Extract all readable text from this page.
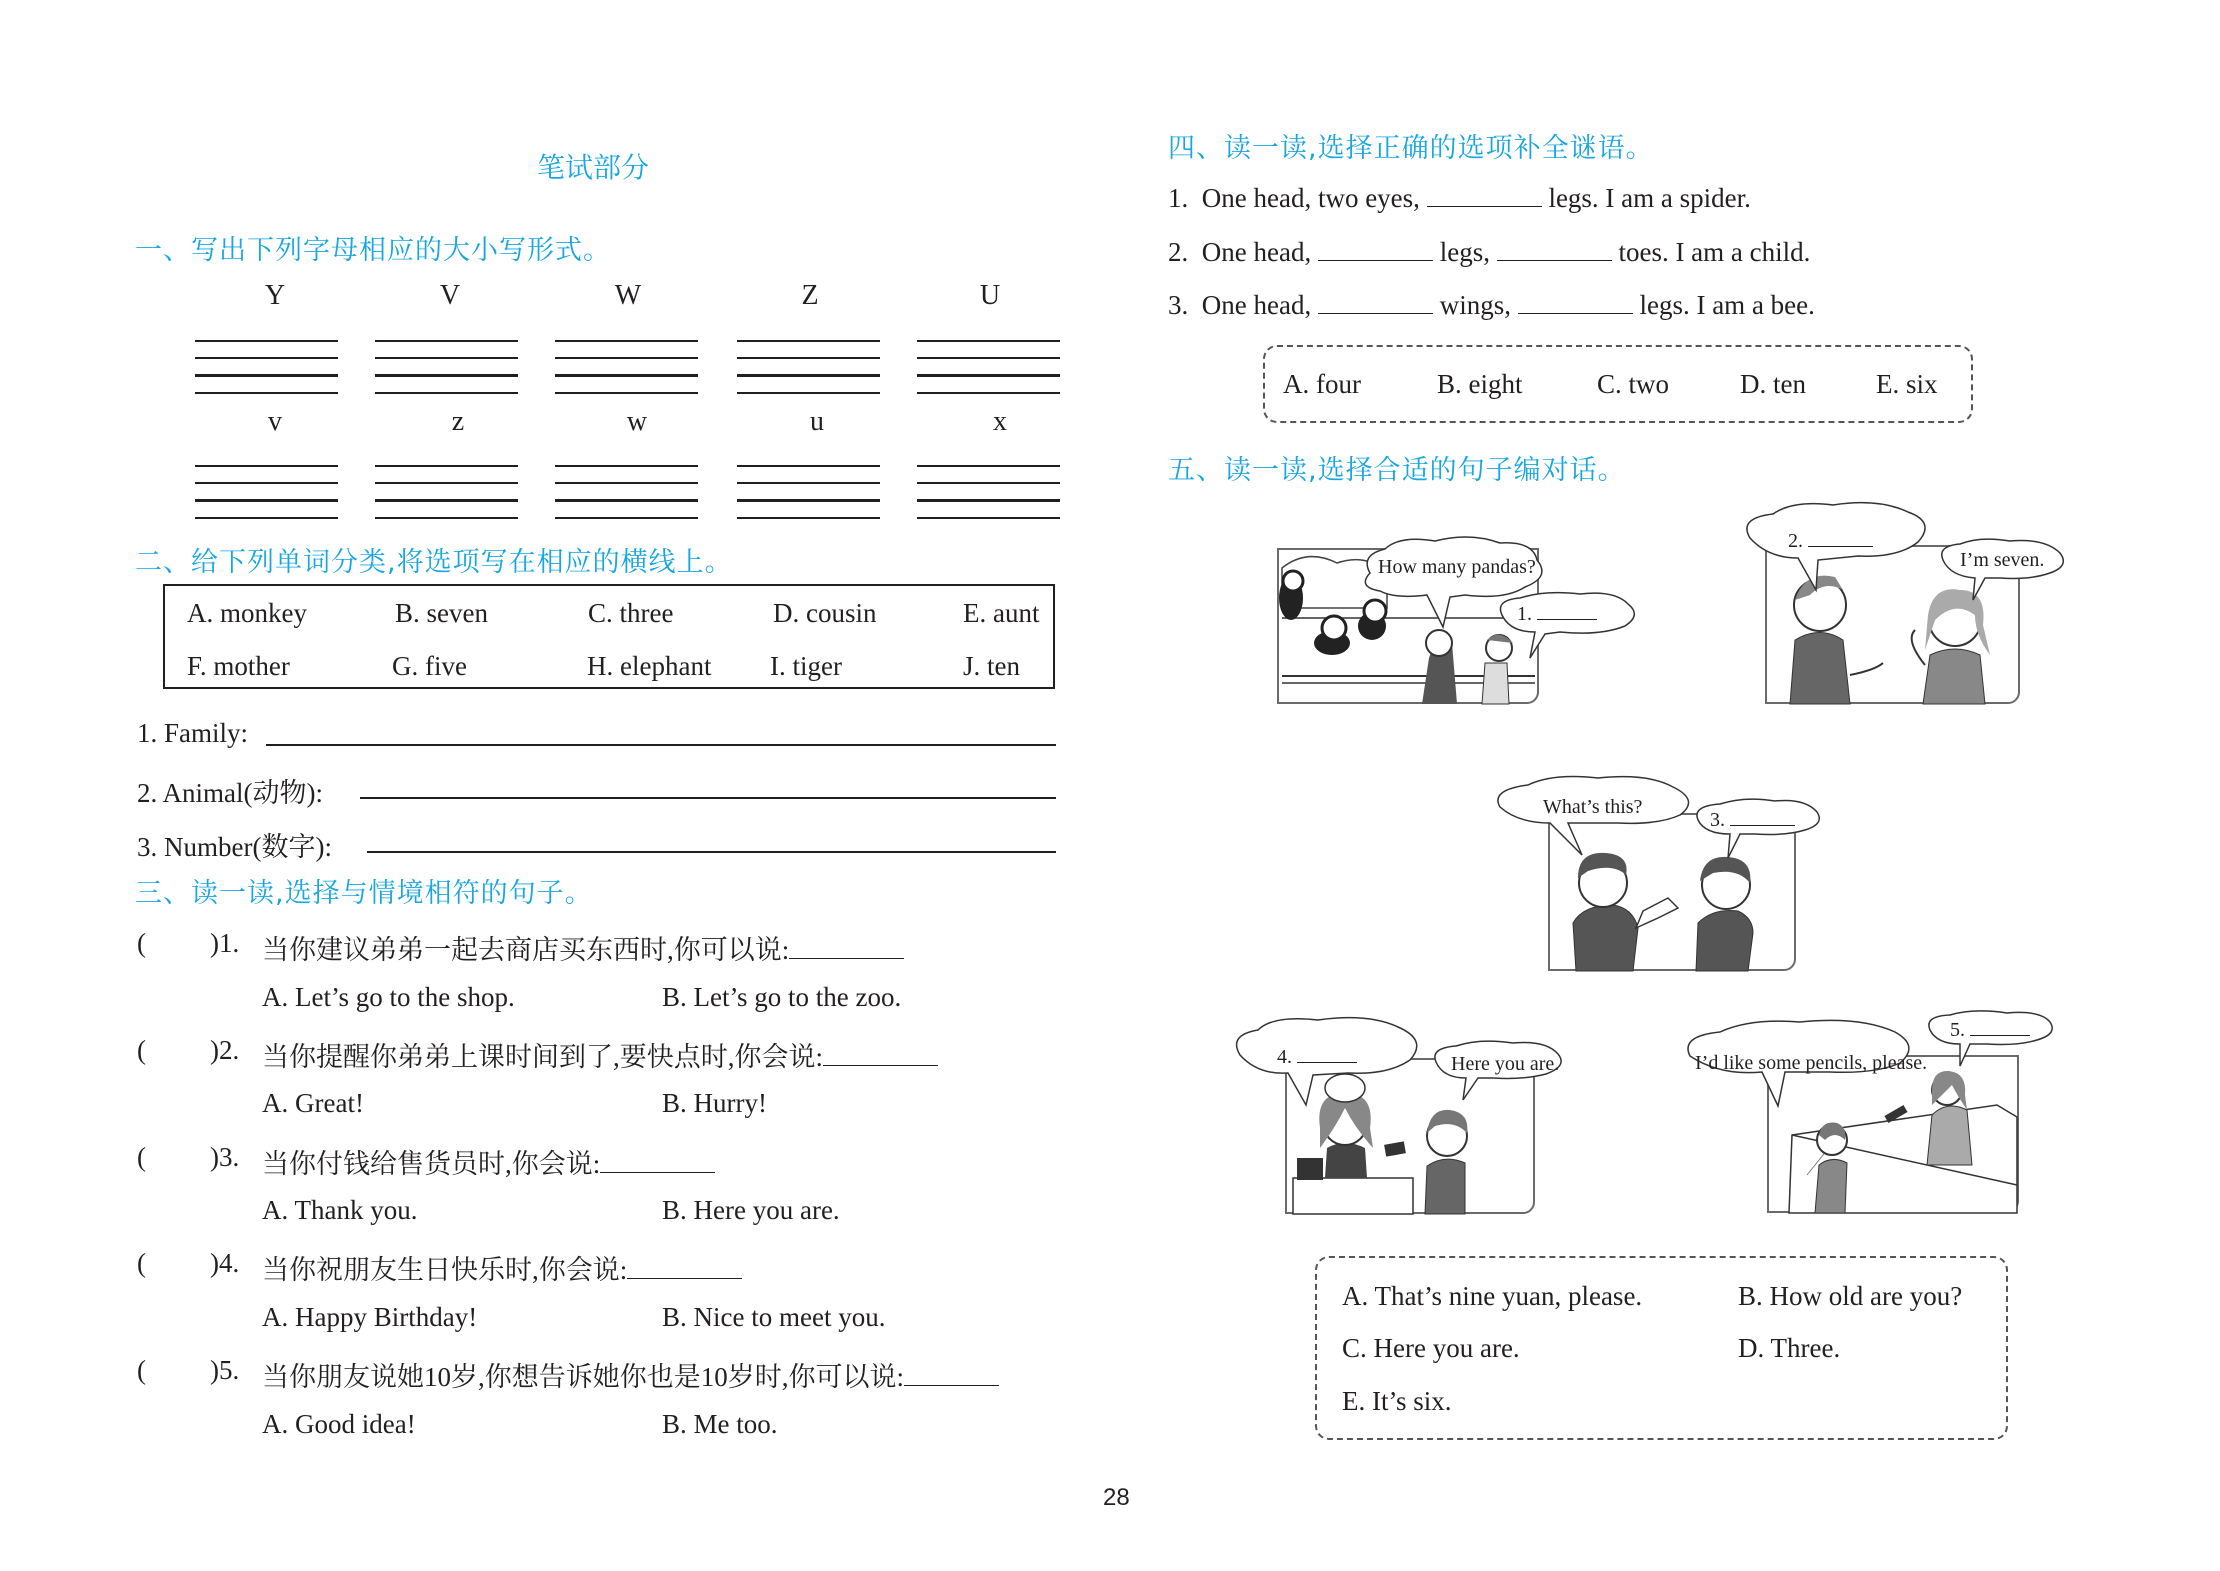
笔试部分
一、写出下列字母相应的大小写形式。
Y	V	W	Z	U
v	z	w	u	x
二、给下列单词分类,将选项写在相应的横线上。
A. monkey	B. seven	C. three	D. cousin	E. aunt
F. mother	G. five	H. elephant I. tiger	J. ten
1. Family:
2. Animal(动物):
3. Number(数字):
三、读一读,选择与情境相符的句子。
( )1. 当你建议弟弟一起去商店买东西时,你可以说:
A. Let’s go to the shop.	B. Let’s go to the zoo.
( )2. 当你提醒你弟弟上课时间到了,要快点时,你会说:
A. Great!	B. Hurry!
( )3. 当你付钱给售货员时,你会说:
A. Thank you.	B. Here you are.
( )4. 当你祝朋友生日快乐时,你会说:
A. Happy Birthday!	B. Nice to meet you.
( )5. 当你朋友说她10岁,你想告诉她你也是10岁时,你可以说:
A. Good idea!	B. Me too.
四、读一读,选择正确的选项补全谜语。
1. One head, two eyes,	legs. I am a spider.
2. One head,	legs,	toes. I am a child.
3. One head,	wings,	legs. I am a bee.
A. four	B. eight	C. two	D. ten	E. six
五、读一读,选择合适的句子编对话。
How many pandas?
1.
2.
I’m seven.
What’s this?
3.
4.	Here you are.	I’d like some pencils, please.
5.
A. That’s nine yuan, please.	B. How old are you?
C. Here you are.	D. Three.
E. It’s six.
28
